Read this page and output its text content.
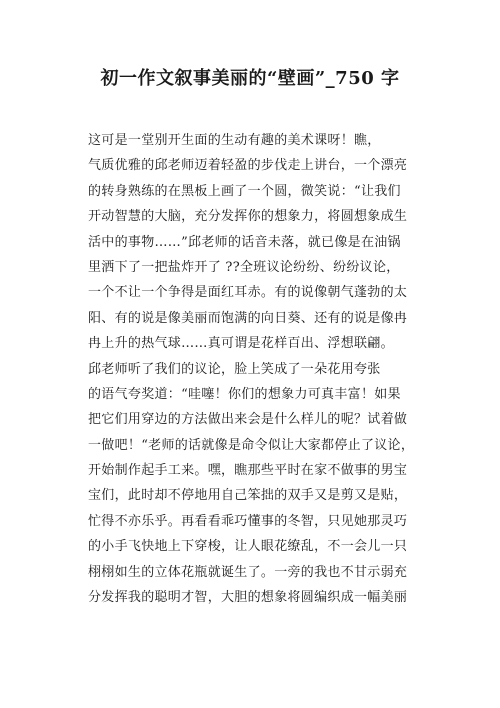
初一作文叙事美丽的“壁画”_750 字
这可是一堂别开生面的生动有趣的美术课呀！瞧，
气质优雅的邱老师迈着轻盈的步伐走上讲台，一个漂亮
的转身熟练的在黑板上画了一个圆，微笑说：“让我们
开动智慧的大脑，充分发挥你的想象力，将圆想象成生
活中的事物……”邱老师的话音未落，就已像是在油锅
里洒下了一把盐炸开了 ??全班议论纷纷、纷纷议论，
一个不让一个争得是面红耳赤。有的说像朝气蓬勃的太
阳、有的说是像美丽而饱满的向日葵、还有的说是像冉
冉上升的热气球……真可谓是花样百出、浮想联翩。
邱老师听了我们的议论，脸上笑成了一朵花用夸张
的语气夸奖道：“哇噻！你们的想象力可真丰富！如果
把它们用穿边的方法做出来会是什么样儿的呢？试着做
一做吧！“老师的话就像是命令似让大家都停止了议论，
开始制作起手工来。嘿，瞧那些平时在家不做事的男宝
宝们，此时却不停地用自己笨拙的双手又是剪又是贴，
忙得不亦乐乎。再看看乖巧懂事的冬智，只见她那灵巧
的小手飞快地上下穿梭，让人眼花缭乱，不一会儿一只
栩栩如生的立体花瓶就诞生了。一旁的我也不甘示弱充
分发挥我的聪明才智，大胆的想象将圆编织成一幅美丽
